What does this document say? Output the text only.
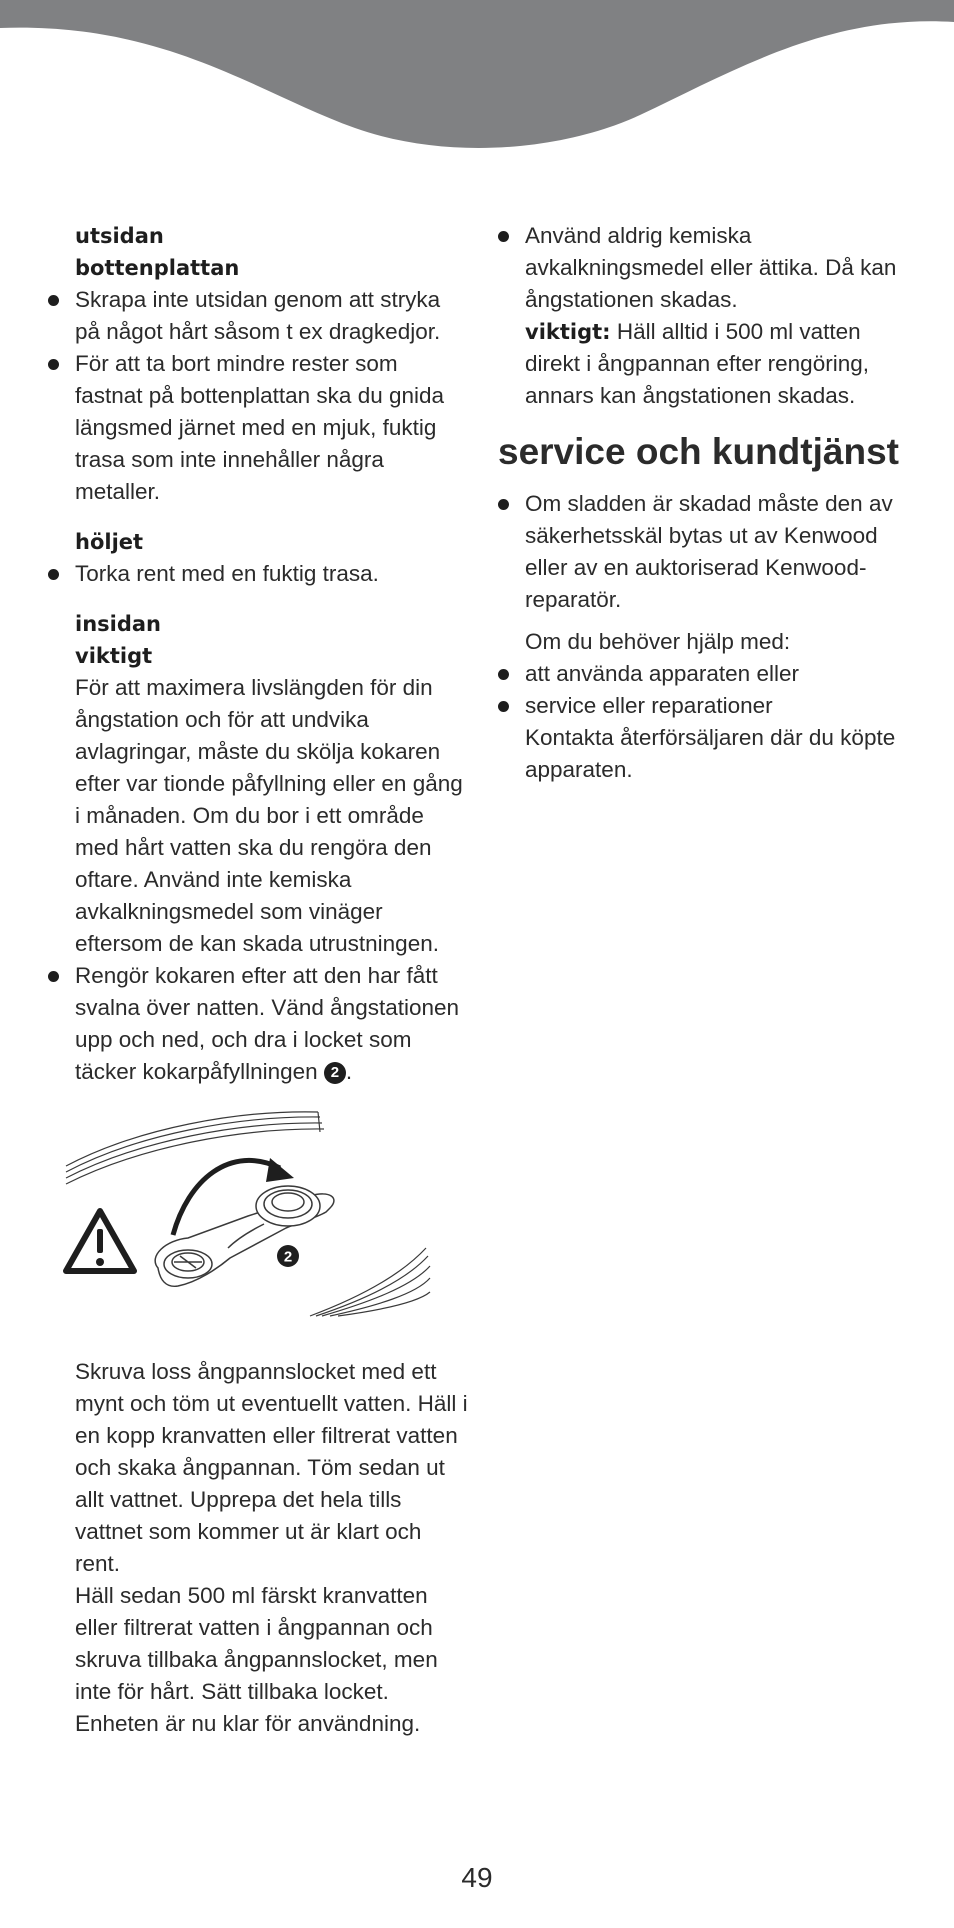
utsidan
bottenplattan
Skrapa inte utsidan genom att stryka på något hårt såsom t ex dragkedjor.
För att ta bort mindre rester som fastnat på bottenplattan ska du gnida längsmed järnet med en mjuk, fuktig trasa som inte innehåller några metaller.
höljet
Torka rent med en fuktig trasa.
insidan
viktigt

För att maximera livslängden för din ångstation och för att undvika avlagringar, måste du skölja kokaren efter var tionde påfyllning eller en gång i månaden. Om du bor i ett område med hårt vatten ska du rengöra den oftare. Använd inte kemiska avkalkningsmedel som vinäger eftersom de kan skada utrustningen.

Rengör kokaren efter att den har fått svalna över natten. Vänd ångstationen upp och ned, och dra i locket som täcker kokarpåfyllningen 2 .
2

Skruva loss ångpannslocket med ett mynt och töm ut eventuellt vatten. Häll i en kopp kranvatten eller filtrerat vatten och skaka ångpannan. Töm sedan ut allt vattnet. Upprepa det hela tills vattnet som kommer ut är klart och rent.

Häll sedan 500 ml färskt kranvatten eller filtrerat vatten i ångpannan och skruva tillbaka ångpannslocket, men inte för hårt. Sätt tillbaka locket. Enheten är nu klar för användning.

Använd aldrig kemiska avkalkningsmedel eller ättika. Då kan ångstationen skadas.
viktigt: Häll alltid i 500 ml vatten direkt i ångpannan efter rengöring, annars kan ångstationen skadas.
service och kundtjänst
Om sladden är skadad måste den av säkerhetsskäl bytas ut av Kenwood eller av en auktoriserad Kenwood-reparatör.

Om du behöver hjälp med:

att använda apparaten eller
service eller reparationer

Kontakta återförsäljaren där du köpte apparaten.

49
